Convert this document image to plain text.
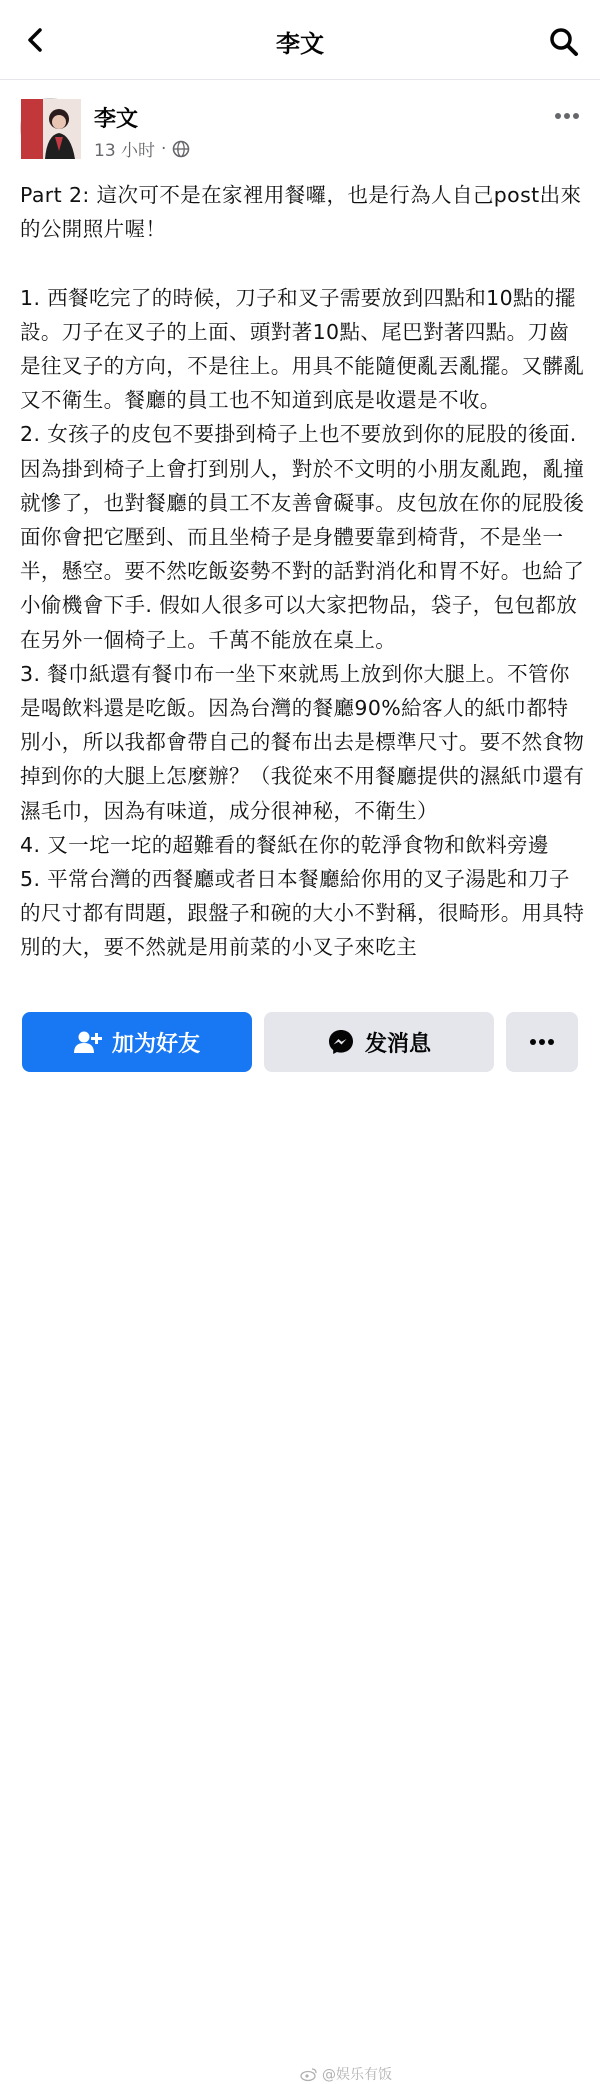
李文
李文
13 小时 ·

Part 2: 這次可不是在家裡用餐囉，也是行為人自己post出來的公開照片喔！

1. 西餐吃完了的時候，刀子和叉子需要放到四點和10點的擺設。刀子在叉子的上面、頭對著10點、尾巴對著四點。刀齒是往叉子的方向，不是往上。用具不能隨便亂丟亂擺。又髒亂又不衛生。餐廳的員工也不知道到底是收還是不收。

2. 女孩子的皮包不要掛到椅子上也不要放到你的屁股的後面. 因為掛到椅子上會打到別人，對於不文明的小朋友亂跑，亂撞就慘了，也對餐廳的員工不友善會礙事。皮包放在你的屁股後面你會把它壓到、而且坐椅子是身體要靠到椅背，不是坐一半，懸空。要不然吃飯姿勢不對的話對消化和胃不好。也給了小偷機會下手. 假如人很多可以大家把物品，袋子，包包都放在另外一個椅子上。千萬不能放在桌上。

3. 餐巾紙還有餐巾布一坐下來就馬上放到你大腿上。不管你是喝飲料還是吃飯。因為台灣的餐廳90%給客人的紙巾都特別小，所以我都會帶自己的餐布出去是標準尺寸。要不然食物掉到你的大腿上怎麼辦？（我從來不用餐廳提供的濕紙巾還有濕毛巾，因為有味道，成分很神秘，不衛生）

4. 又一坨一坨的超難看的餐紙在你的乾淨食物和飲料旁邊

5. 平常台灣的西餐廳或者日本餐廳給你用的叉子湯匙和刀子的尺寸都有問題，跟盤子和碗的大小不對稱，很畸形。用具特別的大，要不然就是用前菜的小叉子來吃主

加为好友	发消息
@娱乐有饭
